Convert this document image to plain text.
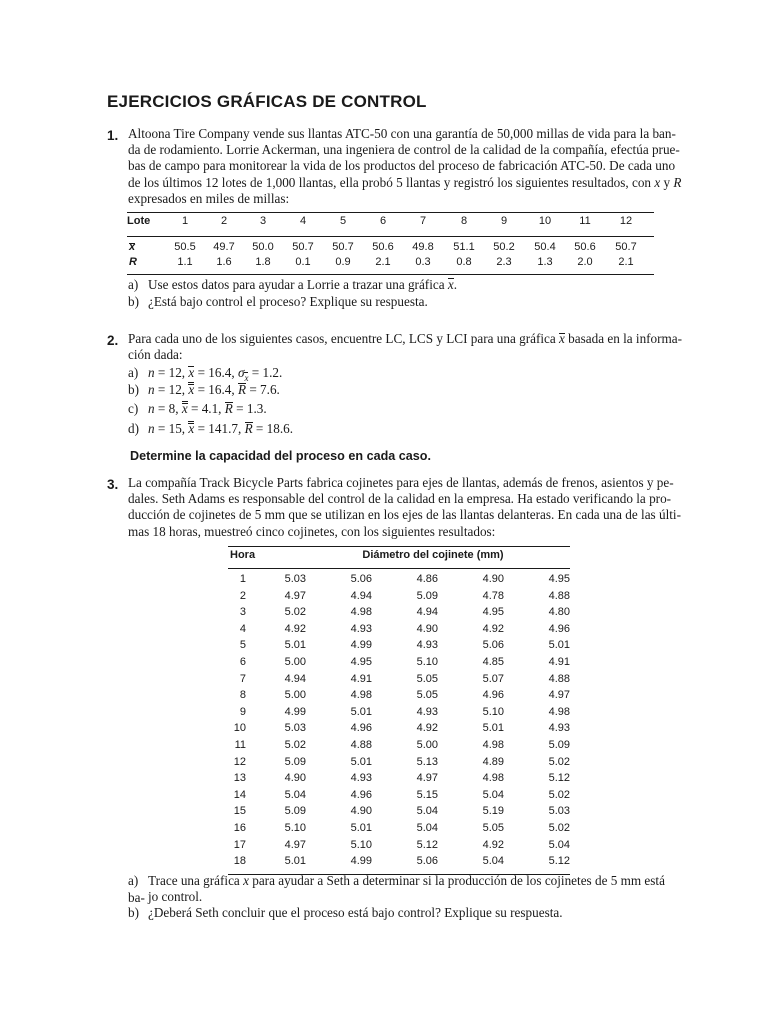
EJERCICIOS GRÁFICAS DE CONTROL
1. Altoona Tire Company vende sus llantas ATC-50 con una garantía de 50,000 millas de vida para la ban-
da de rodamiento. Lorrie Ackerman, una ingeniera de control de la calidad de la compañía, efectúa prue-
bas de campo para monitorear la vida de los productos del proceso de fabricación ATC-50. De cada uno
de los últimos 12 lotes de 1,000 llantas, ella probó 5 llantas y registró los siguientes resultados, con x y R
expresados en miles de millas:
Lote	1	2	3	4	5	6	7	8	9	10	11	12
x	50.5	49.7	50.0	50.7	50.7	50.6	49.8	51.1	50.2	50.4	50.6	50.7
R	1.1	1.6	1.8	0.1	0.9	2.1	0.3	0.8	2.3	1.3	2.0	2.1
a) Use estos datos para ayudar a Lorrie a trazar una gráfica x.
b) ¿Está bajo control el proceso? Explique su respuesta.
2. Para cada uno de los siguientes casos, encuentre LC, LCS y LCI para una gráfica x basada en la informa-
ción dada:
a) n = 12, x = 16.4, $\sigma_x = 1.2$.
b) n = 12, x = 16.4, R = 7.6.
c) n = 8, x = 4.1, R = 1.3.
d) n = 15, x = 141.7, R = 18.6.
Determine la capacidad del proceso en cada caso.
3. La compañía Track Bicycle Parts fabrica cojinetes para ejes de llantas, además de frenos, asientos y pe-
dales. Seth Adams es responsable del control de la calidad en la empresa. Ha estado verificando la pro-
ducción de cojinetes de 5 mm que se utilizan en los ejes de las llantas delanteras. En cada una de las últi-
mas 18 horas, muestreó cinco cojinetes, con los siguientes resultados:
Hora	Diámetro del cojinete (mm)
1	5.03	5.06	4.86	4.90	4.95
2	4.97	4.94	5.09	4.78	4.88
3	5.02	4.98	4.94	4.95	4.80
4	4.92	4.93	4.90	4.92	4.96
5	5.01	4.99	4.93	5.06	5.01
6	5.00	4.95	5.10	4.85	4.91
7	4.94	4.91	5.05	5.07	4.88
8	5.00	4.98	5.05	4.96	4.97
9	4.99	5.01	4.93	5.10	4.98
10	5.03	4.96	4.92	5.01	4.93
11	5.02	4.88	5.00	4.98	5.09
12	5.09	5.01	5.13	4.89	5.02
13	4.90	4.93	4.97	4.98	5.12
14	5.04	4.96	5.15	5.04	5.02
15	5.09	4.90	5.04	5.19	5.03
16	5.10	5.01	5.04	5.05	5.02
17	4.97	5.10	5.12	4.92	5.04
18	5.01	4.99	5.06	5.04	5.12
a) Trace una gráfica x para ayudar a Seth a determinar si la producción de los cojinetes de 5 mm está ba- jo control.
b) ¿Deberá Seth concluir que el proceso está bajo control? Explique su respuesta.
